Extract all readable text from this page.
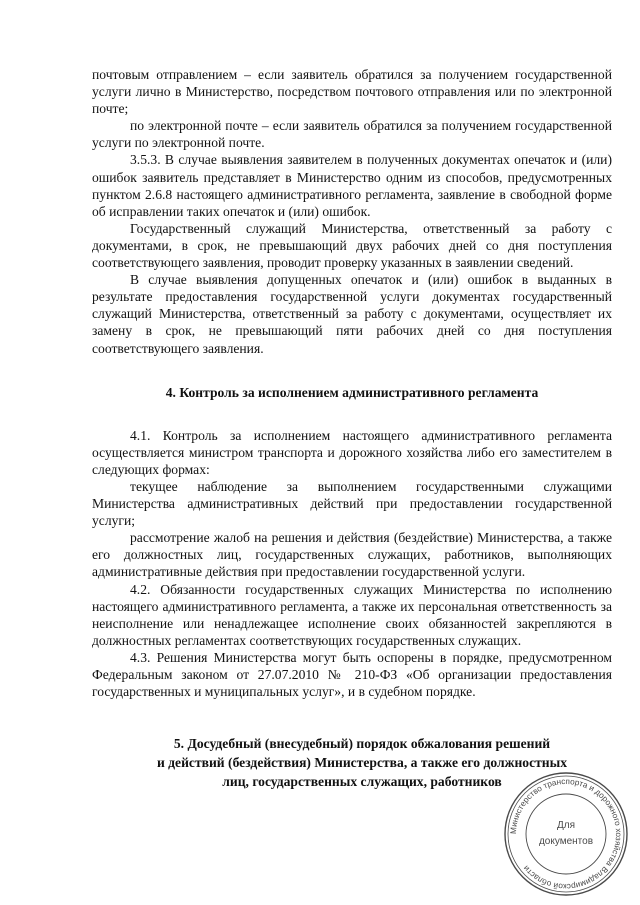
почтовым отправлением – если заявитель обратился за получением государственной услуги лично в Министерство, посредством почтового отправления или по электронной почте;

по электронной почте – если заявитель обратился за получением государственной услуги по электронной почте.

3.5.3. В случае выявления заявителем в полученных документах опечаток и (или) ошибок заявитель представляет в Министерство одним из способов, предусмотренных пунктом 2.6.8 настоящего административного регламента, заявление в свободной форме об исправлении таких опечаток и (или) ошибок.

Государственный служащий Министерства, ответственный за работу с документами, в срок, не превышающий двух рабочих дней со дня поступления соответствующего заявления, проводит проверку указанных в заявлении сведений.

В случае выявления допущенных опечаток и (или) ошибок в выданных в результате предоставления государственной услуги документах государственный служащий Министерства, ответственный за работу с документами, осуществляет их замену в срок, не превышающий пяти рабочих дней со дня поступления соответствующего заявления.

4. Контроль за исполнением административного регламента

4.1. Контроль за исполнением настоящего административного регламента осуществляется министром транспорта и дорожного хозяйства либо его заместителем в следующих формах:

текущее наблюдение за выполнением государственными служащими Министерства административных действий при предоставлении государственной услуги;

рассмотрение жалоб на решения и действия (бездействие) Министерства, а также его должностных лиц, государственных служащих, работников, выполняющих административные действия при предоставлении государственной услуги.

4.2. Обязанности государственных служащих Министерства по исполнению настоящего административного регламента, а также их персональная ответственность за неисполнение или ненадлежащее исполнение своих обязанностей закрепляются в должностных регламентах соответствующих государственных служащих.

4.3. Решения Министерства могут быть оспорены в порядке, предусмотренном Федеральным законом от 27.07.2010 № 210-ФЗ «Об организации предоставления государственных и муниципальных услуг», и в судебном порядке.

5. Досудебный (внесудебный) порядок обжалования решений
и действий (бездействия) Министерства, а также его должностных
лиц, государственных служащих, работников
Министерство транспорта и дорожного хозяйства Владимирской области
Для
документов
